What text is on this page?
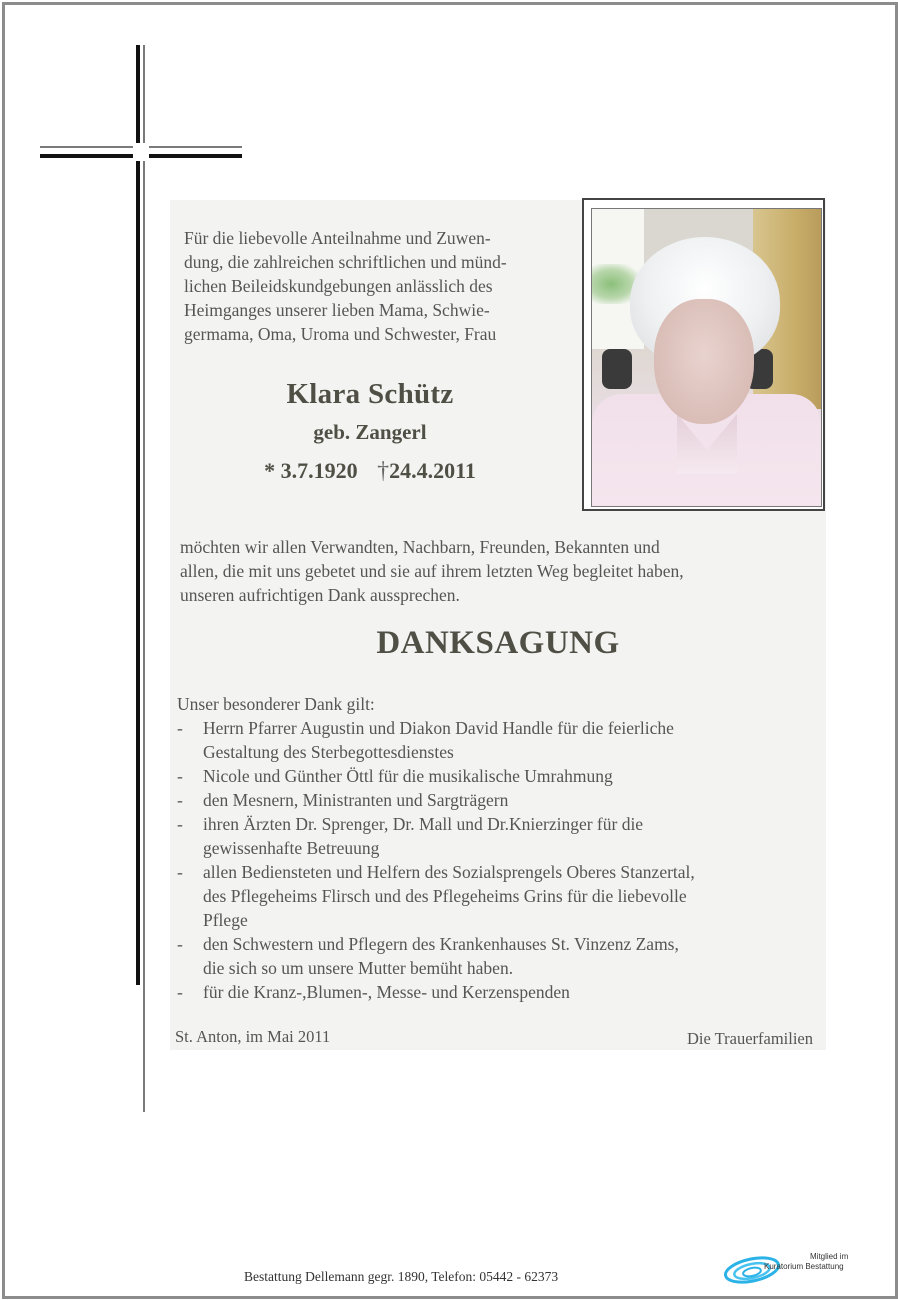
Für die liebevolle Anteilnahme und Zuwen-
dung, die zahlreichen schriftlichen und münd-
lichen Beileidskundgebungen anlässlich des
Heimganges unserer lieben Mama, Schwie-
germama, Oma, Uroma und Schwester, Frau
Klara Schütz
geb. Zangerl
* 3.7.1920 †24.4.2011
möchten wir allen Verwandten, Nachbarn, Freunden, Bekannten und
allen, die mit uns gebetet und sie auf ihrem letzten Weg begleitet haben,
unseren aufrichtigen Dank aussprechen.
DANKSAGUNG
Unser besonderer Dank gilt:
- Herrn Pfarrer Augustin und Diakon David Handle für die feierliche
Gestaltung des Sterbegottesdienstes
- Nicole und Günther Öttl für die musikalische Umrahmung
- den Mesnern, Ministranten und Sargträgern
- ihren Ärzten Dr. Sprenger, Dr. Mall und Dr.Knierzinger für die
gewissenhafte Betreuung
- allen Bediensteten und Helfern des Sozialsprengels Oberes Stanzertal,
des Pflegeheims Flirsch und des Pflegeheims Grins für die liebevolle
Pflege
- den Schwestern und Pflegern des Krankenhauses St. Vinzenz Zams,
die sich so um unsere Mutter bemüht haben.
- für die Kranz-,Blumen-, Messe- und Kerzenspenden
St. Anton, im Mai 2011	Die Trauerfamilien
Bestattung Dellemann gegr. 1890, Telefon: 05442 - 62373
Mitglied im
Kuratorium Bestattung
